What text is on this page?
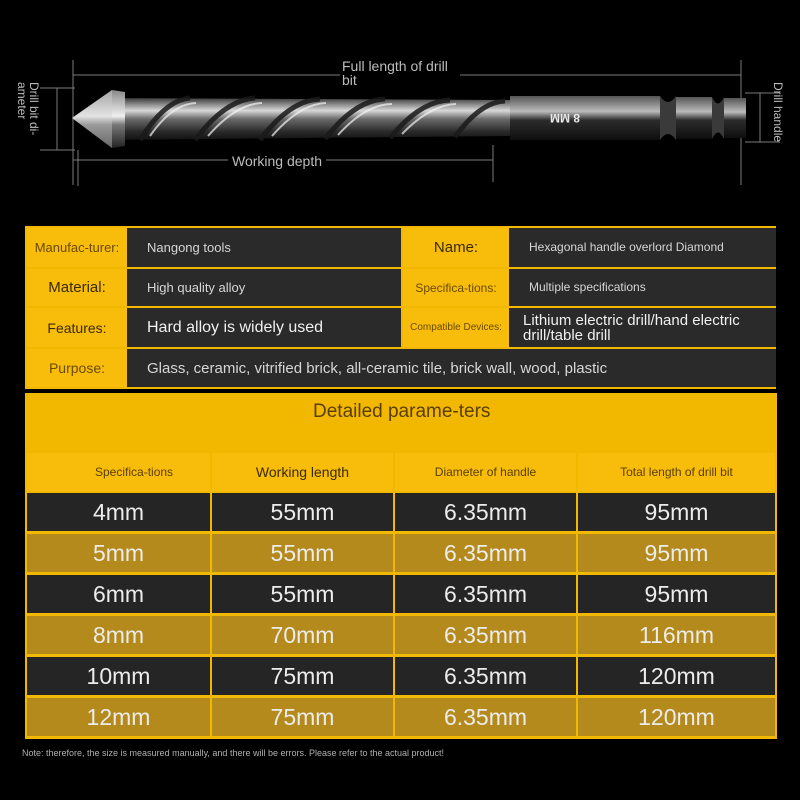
8 MM
Full length of drill bit
Working depth
Drill bit di-ameter	Drill handle
Manufac-turer:	Nangong tools	Name:	Hexagonal handle overlord Diamond
Material:	High quality alloy	Specifica-tions:	Multiple specifications
Features:	Hard alloy is widely used	Compatible Devices:	Lithium electric drill/hand electric drill/table drill
Purpose:	Glass, ceramic, vitrified brick, all-ceramic tile, brick wall, wood, plastic
Detailed parame-ters
Specifica-tions	Working length	Diameter of handle	Total length of drill bit
4mm	55mm	6.35mm	95mm
5mm	55mm	6.35mm	95mm
6mm	55mm	6.35mm	95mm
8mm	70mm	6.35mm	116mm
10mm	75mm	6.35mm	120mm
12mm	75mm	6.35mm	120mm
Note: therefore, the size is measured manually, and there will be errors. Please refer to the actual product!
